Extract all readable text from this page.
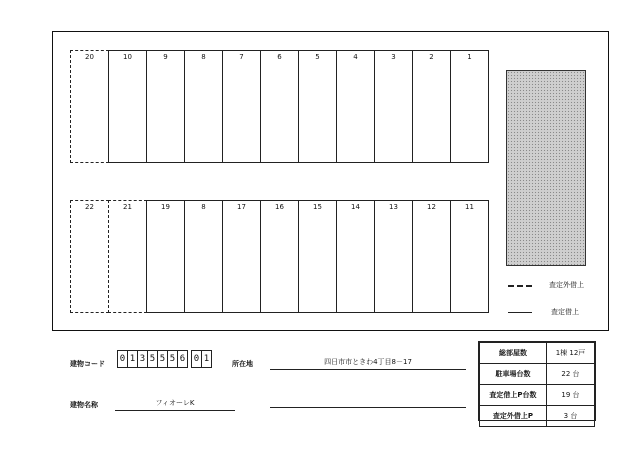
20	10	9	8	7	6	5	4	3	2	1
22	21	19	8	17	16	15	14	13	12	11
査定外借上
査定借上
建物コード	0 1 3 5 5 5 6 0 1	所在地	四日市市ときわ4丁目8－17
建物名称	フィオーレK
総部屋数	1棟 12戸
駐車場台数	22 台
査定借上P台数	19 台
査定外借上P	3 台
